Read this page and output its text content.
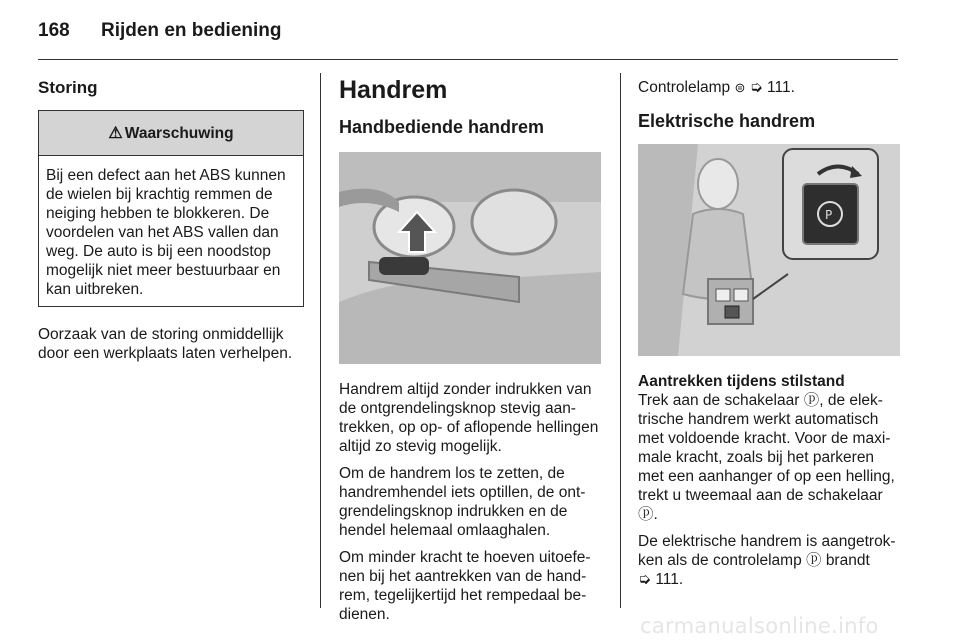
168 Rijden en bediening
Storing
⚠ Waarschuwing
Bij een defect aan het ABS kunnen de wielen bij krachtig remmen de neiging hebben te blokkeren. De voordelen van het ABS vallen dan weg. De auto is bij een noodstop mogelijk niet meer bestuurbaar en kan uitbreken.

Oorzaak van de storing onmiddellijk door een werkplaats laten verhelpen.

Handrem
Handbediende handrem

Handrem altijd zonder indrukken van de ontgrendelingsknop stevig aan-trekken, op op- of aflopende hellingen altijd zo stevig mogelijk.

Om de handrem los te zetten, de handremhendel iets optillen, de ont-grendelingsknop indrukken en de hendel helemaal omlaaghalen.

Om minder kracht te hoeven uitoefe-nen bij het aantrekken van de hand-rem, tegelijkertijd het rempedaal be-dienen.

Controlelamp ⊜ ➭ 111.

Elektrische handrem
P
Aantrekken tijdens stilstand

Trek aan de schakelaar ⓟ, de elek-trische handrem werkt automatisch met voldoende kracht. Voor de maxi-male kracht, zoals bij het parkeren met een aanhanger of op een helling, trekt u tweemaal aan de schakelaar ⓟ.

De elektrische handrem is aangetrok-ken als de controlelamp ⓟ brandt
➭ 111.

carmanualsonline.info
